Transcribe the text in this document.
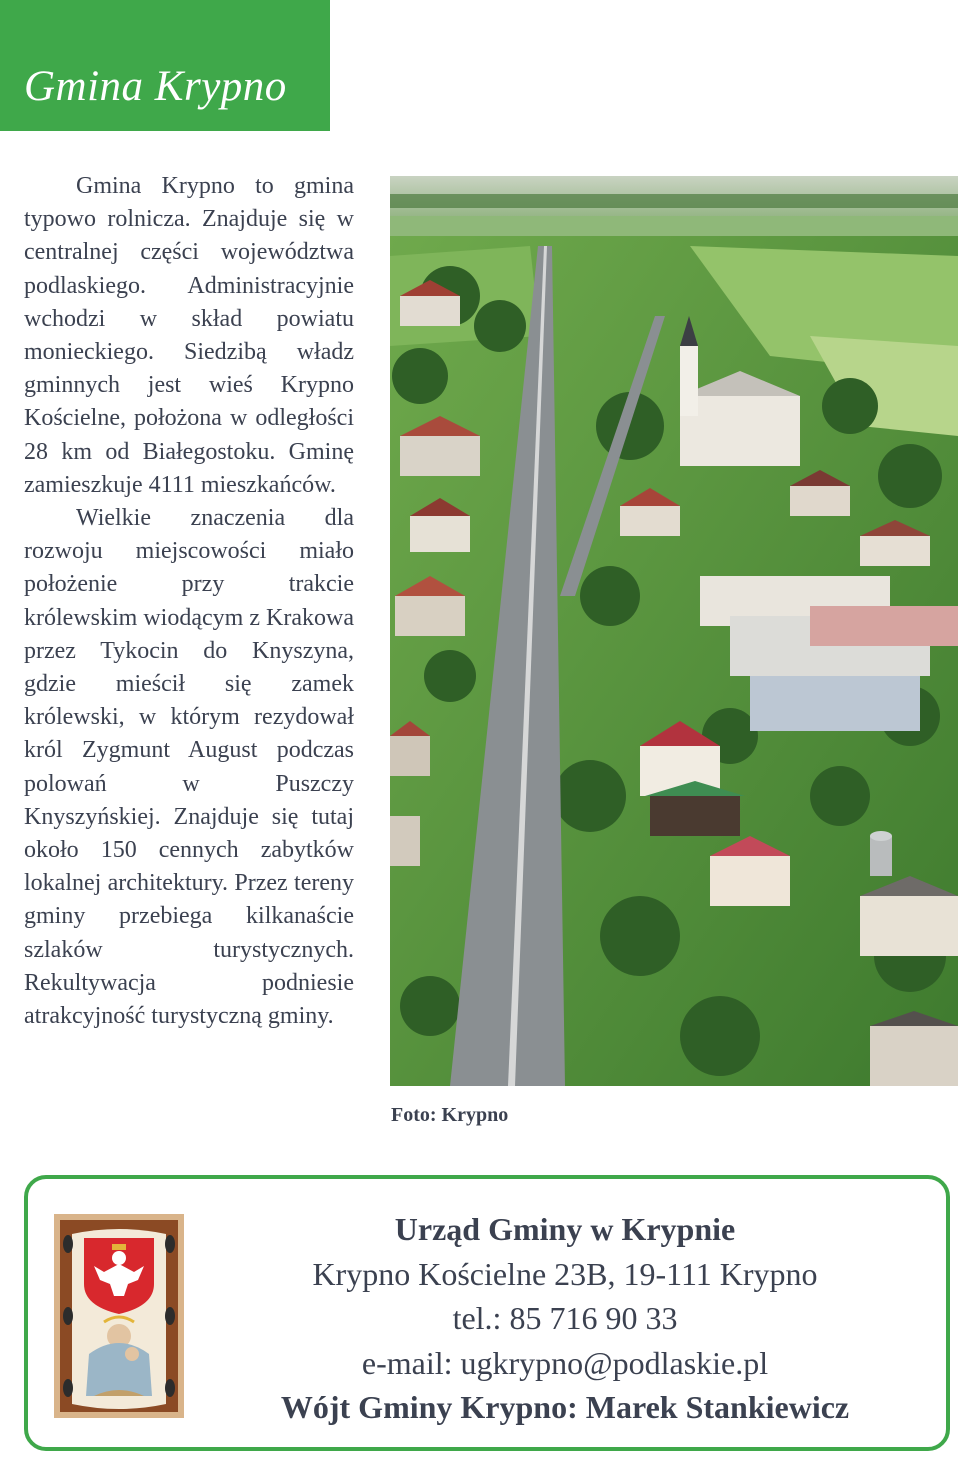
Gmina Krypno

Gmina Krypno to gmina typowo rolnicza. Znajduje się w centralnej części województwa podlaskiego. Administracyjnie wchodzi w skład powiatu monieckiego. Siedzibą władz gminnych jest wieś Krypno Kościelne, położona w odległości 28 km od Białegostoku. Gminę zamieszkuje 4111 mieszkańców.

Wielkie znaczenia dla rozwoju miejscowości miało położenie przy trakcie królewskim wiodącym z Krakowa przez Tykocin do Knyszyna, gdzie mieścił się zamek królewski, w którym rezydował król Zygmunt August podczas polowań w Puszczy Knyszyńskiej. Znajduje się tutaj około 150 cennych zabytków lokalnej architektury. Przez tereny gminy przebiega kilkanaście szlaków turystycznych. Rekultywacja podniesie atrakcyjność turystyczną gminy.

Foto: Krypno
Urząd Gminy w Krypnie
Krypno Kościelne 23B, 19-111 Krypno
tel.: 85 716 90 33
e-mail: ugkrypno@podlaskie.pl
Wójt Gminy Krypno: Marek Stankiewicz
